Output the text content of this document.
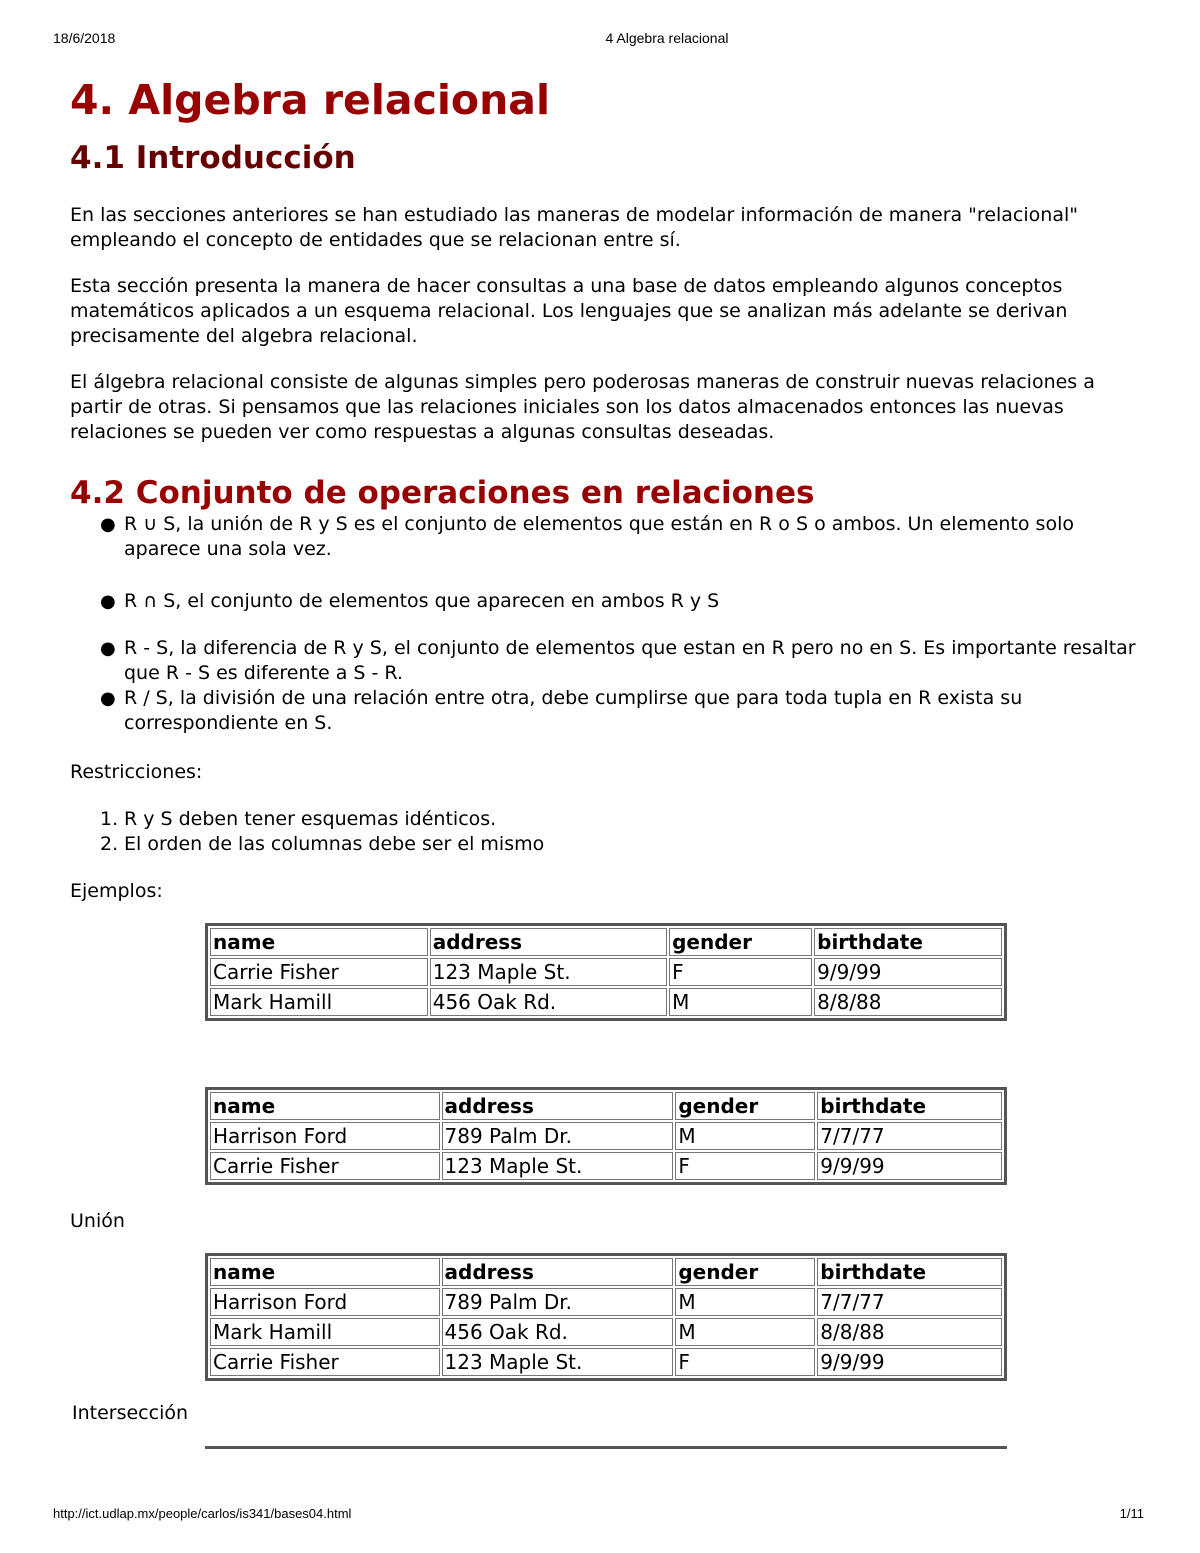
18/6/2018	4 Algebra relacional
4. Algebra relacional
4.1 Introducción

En las secciones anteriores se han estudiado las maneras de modelar información de manera "relacional" empleando el concepto de entidades que se relacionan entre sí.

Esta sección presenta la manera de hacer consultas a una base de datos empleando algunos conceptos matemáticos aplicados a un esquema relacional. Los lenguajes que se analizan más adelante se derivan precisamente del algebra relacional.

El álgebra relacional consiste de algunas simples pero poderosas maneras de construir nuevas relaciones a partir de otras. Si pensamos que las relaciones iniciales son los datos almacenados entonces las nuevas relaciones se pueden ver como respuestas a algunas consultas deseadas.

4.2 Conjunto de operaciones en relaciones
● R ∪ S, la unión de R y S es el conjunto de elementos que están en R o S o ambos. Un elemento solo aparece una sola vez.
● R ∩ S, el conjunto de elementos que aparecen en ambos R y S
● R - S, la diferencia de R y S, el conjunto de elementos que estan en R pero no en S. Es importante resaltar que R - S es diferente a S - R.
● R / S, la división de una relación entre otra, debe cumplirse que para toda tupla en R exista su correspondiente en S.

Restricciones:

1. R y S deben tener esquemas idénticos.
2. El orden de las columnas debe ser el mismo

Ejemplos:

name	address	gender	birthdate
Carrie Fisher	123 Maple St.	F	9/9/99
Mark Hamill	456 Oak Rd.	M	8/8/88
name	address	gender	birthdate
Harrison Ford	789 Palm Dr.	M	7/7/77
Carrie Fisher	123 Maple St.	F	9/9/99

Unión

name	address	gender	birthdate
Harrison Ford	789 Palm Dr.	M	7/7/77
Mark Hamill	456 Oak Rd.	M	8/8/88
Carrie Fisher	123 Maple St.	F	9/9/99

Intersección

http://ict.udlap.mx/people/carlos/is341/bases04.html	1/11
